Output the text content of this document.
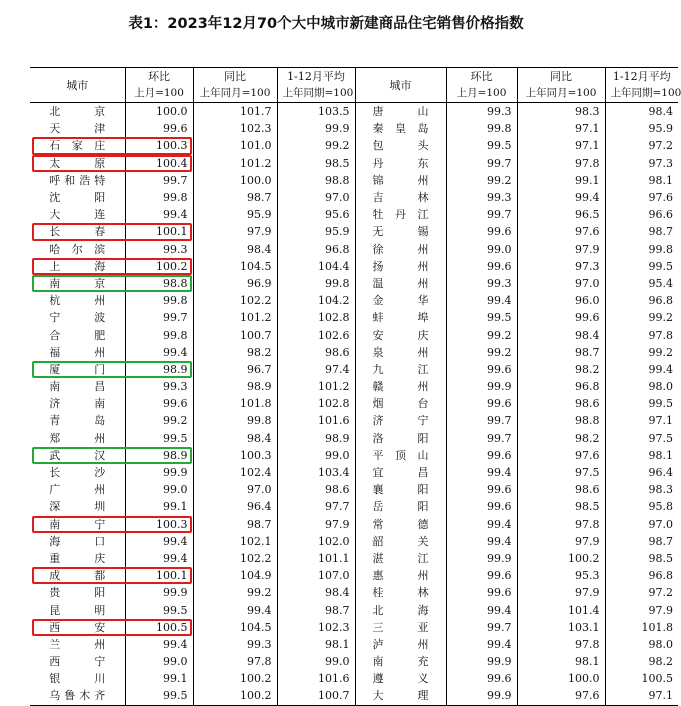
表1：2023年12月70个大中城市新建商品住宅销售价格指数
城市	环比	同比	1-12月平均	城市	环比	同比	1-12月平均
	上月=100	上年同月=100	上年同期=100		上月=100	上年同月=100	上年同期=100
北　京	100.0	101.7	103.5	唐　山	99.3	98.3	98.4
天　津	99.6	102.3	99.9	秦皇岛	99.8	97.1	95.9
石家庄	100.3	101.0	99.2	包　头	99.5	97.1	97.2
太　原	100.4	101.2	98.5	丹　东	99.7	97.8	97.3
呼和浩特	99.7	100.0	98.8	锦　州	99.2	99.1	98.1
沈　阳	99.8	98.7	97.0	吉　林	99.3	99.4	97.6
大　连	99.4	95.9	95.6	牡丹江	99.7	96.5	96.6
长　春	100.1	97.9	95.9	无　锡	99.6	97.6	98.7
哈尔滨	99.3	98.4	96.8	徐　州	99.0	97.9	99.8
上　海	100.2	104.5	104.4	扬　州	99.6	97.3	99.5
南　京	98.8	96.9	99.8	温　州	99.3	97.0	95.4
杭　州	99.8	102.2	104.2	金　华	99.4	96.0	96.8
宁　波	99.7	101.2	102.8	蚌　埠	99.5	99.6	99.2
合　肥	99.8	100.7	102.6	安　庆	99.2	98.4	97.8
福　州	99.4	98.2	98.6	泉　州	99.2	98.7	99.2
厦　门	98.9	96.7	97.4	九　江	99.6	98.2	99.4
南　昌	99.3	98.9	101.2	赣　州	99.9	96.8	98.0
济　南	99.6	101.8	102.8	烟　台	99.6	98.6	99.5
青　岛	99.2	99.8	101.6	济　宁	99.7	98.8	97.1
郑　州	99.5	98.4	98.9	洛　阳	99.7	98.2	97.5
武　汉	98.9	100.3	99.0	平顶山	99.6	97.6	98.1
长　沙	99.9	102.4	103.4	宜　昌	99.4	97.5	96.4
广　州	99.0	97.0	98.6	襄　阳	99.6	98.6	98.3
深　圳	99.1	96.4	97.7	岳　阳	99.6	98.5	95.8
南　宁	100.3	98.7	97.9	常　德	99.4	97.8	97.0
海　口	99.4	102.1	102.0	韶　关	99.4	97.9	98.7
重　庆	99.4	102.2	101.1	湛　江	99.9	100.2	98.5
成　都	100.1	104.9	107.0	惠　州	99.6	95.3	96.8
贵　阳	99.9	99.2	98.4	桂　林	99.6	97.9	97.2
昆　明	99.5	99.4	98.7	北　海	99.4	101.4	97.9
西　安	100.5	104.5	102.3	三　亚	99.7	103.1	101.8
兰　州	99.4	99.3	98.1	泸　州	99.4	97.8	98.0
西　宁	99.0	97.8	99.0	南　充	99.9	98.1	98.2
银　川	99.1	100.2	101.6	遵　义	99.6	100.0	100.5
乌鲁木齐	99.5	100.2	100.7	大　理	99.9	97.6	97.1
